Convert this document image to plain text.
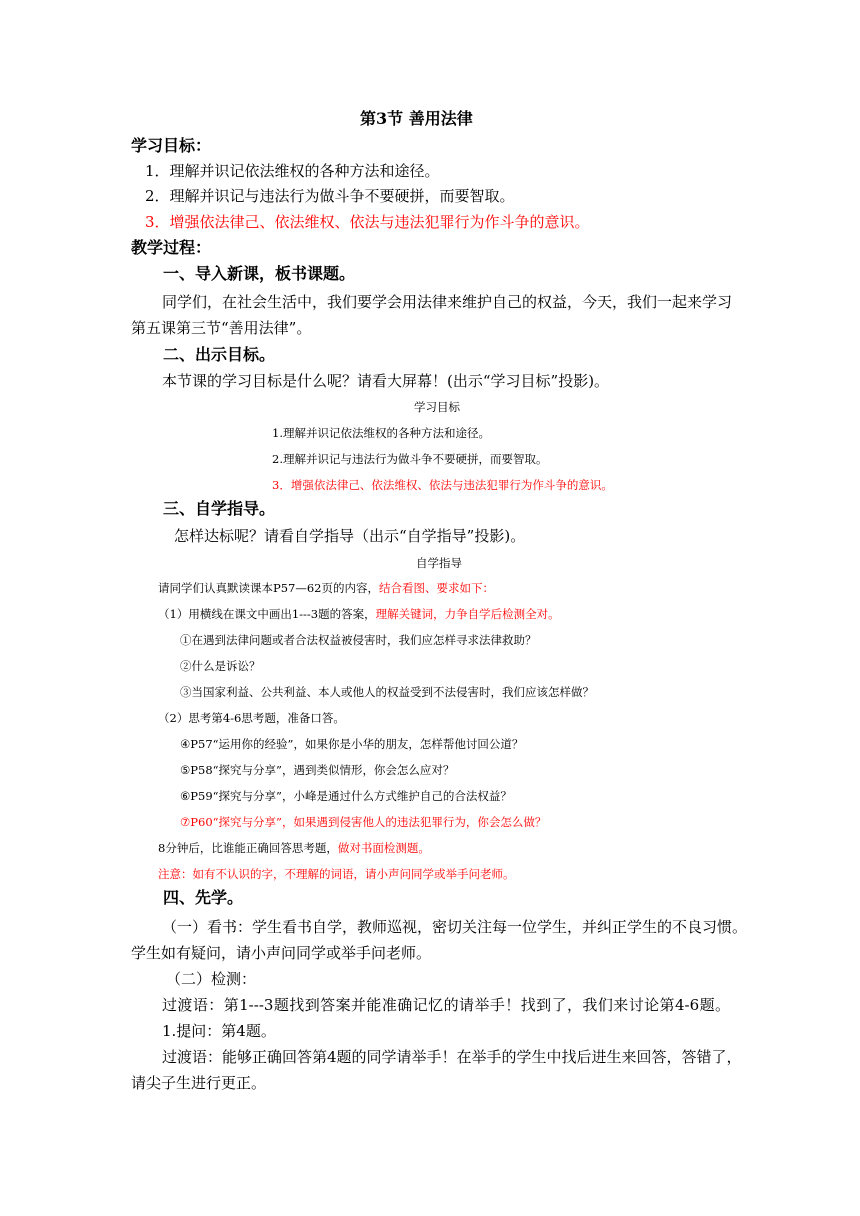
第3节 善用法律
学习目标：
1．理解并识记依法维权的各种方法和途径。
2．理解并识记与违法行为做斗争不要硬拼，而要智取。
3．增强依法律己、依法维权、依法与违法犯罪行为作斗争的意识。
教学过程：
一、导入新课，板书课题。
同学们，在社会生活中，我们要学会用法律来维护自己的权益，今天，我们一起来学习
第五课第三节“善用法律”。
二、出示目标。
本节课的学习目标是什么呢？请看大屏幕！(出示“学习目标”投影)。
学习目标
1.理解并识记依法维权的各种方法和途径。
2.理解并识记与违法行为做斗争不要硬拼，而要智取。
3．增强依法律己、依法维权、依法与违法犯罪行为作斗争的意识。
三、自学指导。
怎样达标呢？请看自学指导（出示“自学指导”投影)。
自学指导
请同学们认真默读课本P57—62页的内容，结合看图、要求如下：
（1）用横线在课文中画出1---3题的答案，理解关键词，力争自学后检测全对。
①在遇到法律问题或者合法权益被侵害时，我们应怎样寻求法律救助？
②什么是诉讼？
③当国家利益、公共利益、本人或他人的权益受到不法侵害时，我们应该怎样做？
（2）思考第4-6思考题，准备口答。
④P57“运用你的经验”，如果你是小华的朋友，怎样帮他讨回公道？
⑤P58“探究与分享”，遇到类似情形，你会怎么应对？
⑥P59“探究与分享”，小峰是通过什么方式维护自己的合法权益？
⑦P60“探究与分享”，如果遇到侵害他人的违法犯罪行为，你会怎么做？
8分钟后，比谁能正确回答思考题，做对书面检测题。
注意：如有不认识的字，不理解的词语，请小声问同学或举手问老师。
四、先学。
（一）看书：学生看书自学，教师巡视，密切关注每一位学生，并纠正学生的不良习惯。
学生如有疑问，请小声问同学或举手问老师。
（二）检测：
过渡语：第1---3题找到答案并能准确记忆的请举手！找到了，我们来讨论第4-6题。
1.提问：第4题。
过渡语：能够正确回答第4题的同学请举手！在举手的学生中找后进生来回答，答错了，
请尖子生进行更正。
